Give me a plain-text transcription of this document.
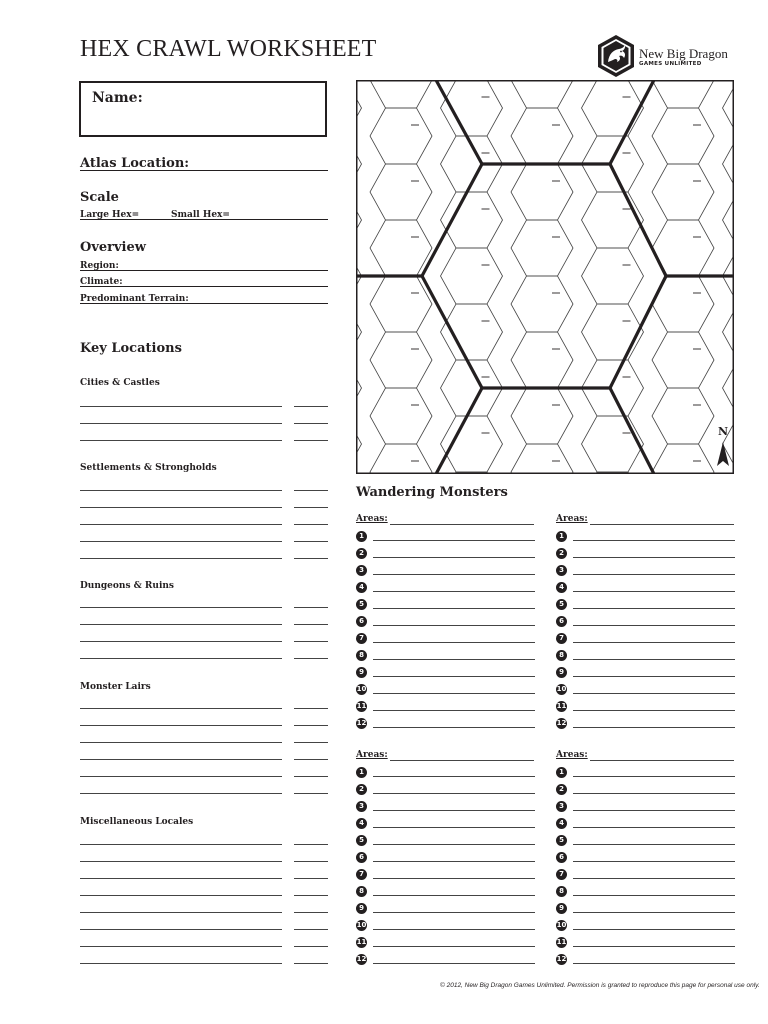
HEX CRAWL WORKSHEET	New Big Dragon
GAMES UNLIMITED
Name:
Atlas Location:
Scale
Large Hex=	Small Hex=
Overview
Region:
Climate:
Predominant Terrain:
Key Locations
Cities & Castles
Settlements & Strongholds
Dungeons & Ruins
Monster Lairs
Miscellaneous Locales
N
Wandering Monsters
Areas:
1
2
3
4
5
6
7
8
9
10
11
12
Areas:
1
2
3
4
5
6
7
8
9
10
11
12
Areas:
1
2
3
4
5
6
7
8
9
10
11
12
Areas:
1
2
3
4
5
6
7
8
9
10
11
12
© 2012, New Big Dragon Games Unlimited. Permission is granted to reproduce this page for personal use only.
